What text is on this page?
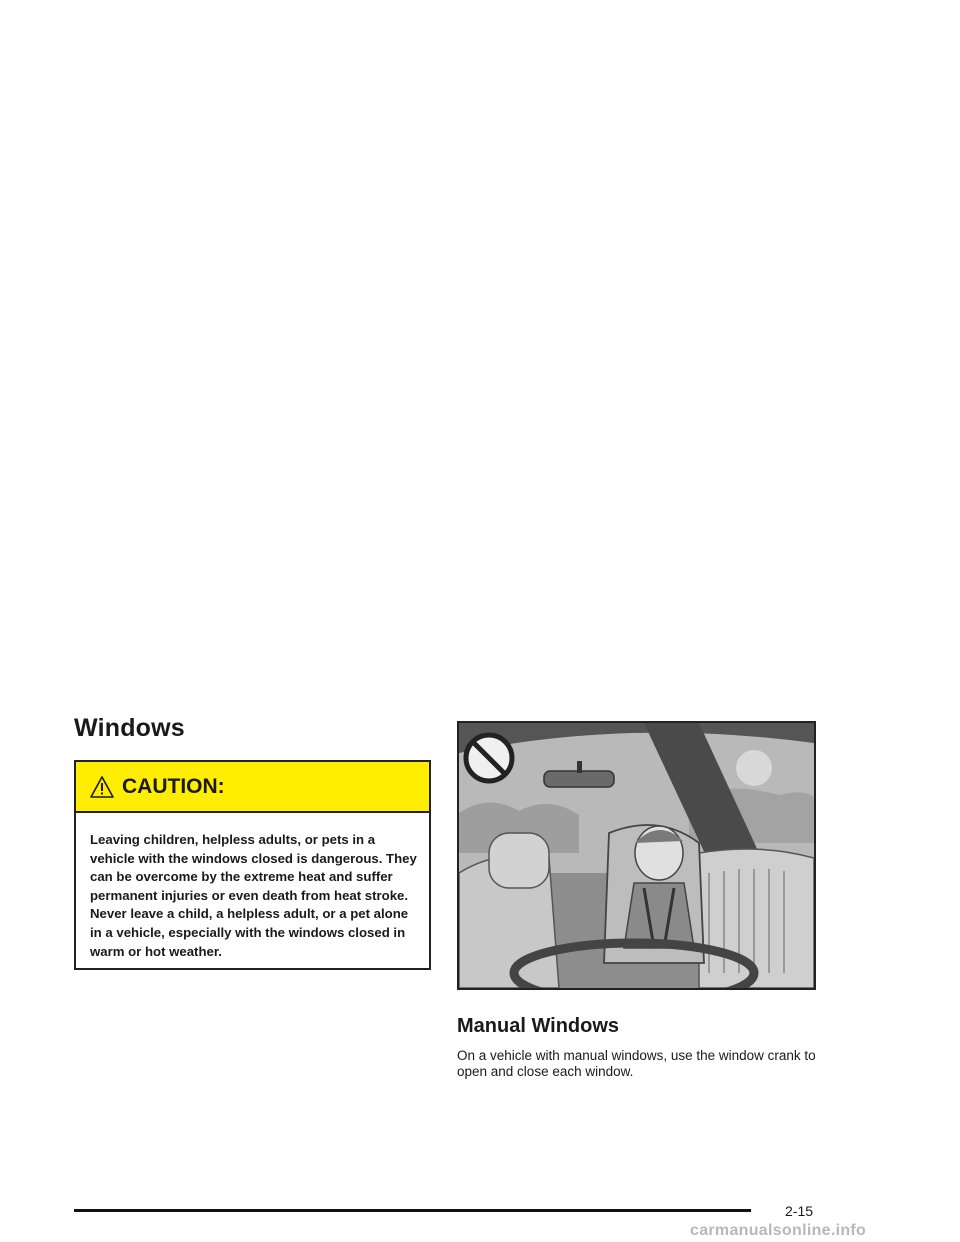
Windows
CAUTION:

Leaving children, helpless adults, or pets in a vehicle with the windows closed is dangerous. They can be overcome by the extreme heat and suffer permanent injuries or even death from heat stroke. Never leave a child, a helpless adult, or a pet alone in a vehicle, especially with the windows closed in warm or hot weather.

Manual Windows

On a vehicle with manual windows, use the window crank to open and close each window.

2-15
carmanualsonline.info
